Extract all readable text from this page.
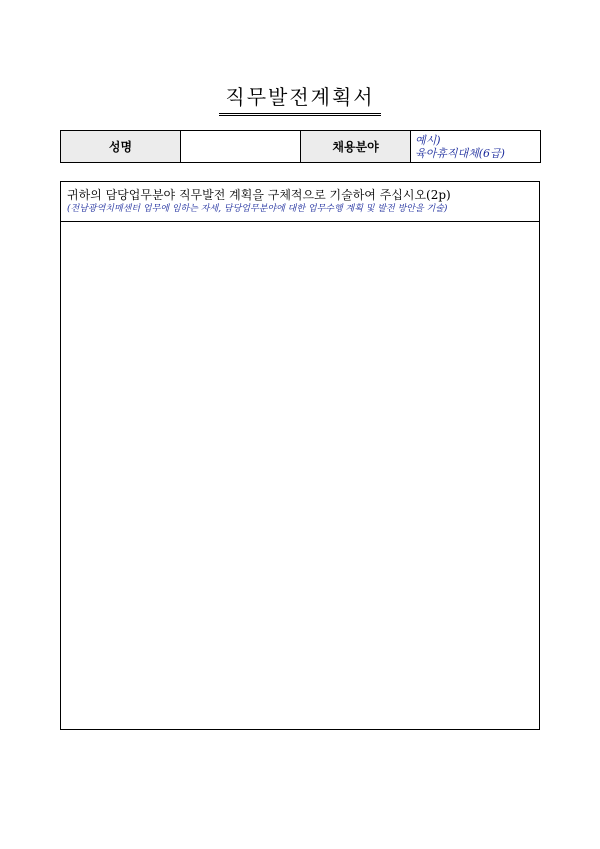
직무발전계획서
성명		채용분야	예시)
육아휴직대체(6급)
귀하의 담당업무분야 직무발전 계획을 구체적으로 기술하여 주십시오(2p)
(전남광역치매센터 업무에 임하는 자세, 담당업무분야에 대한 업무수행 계획 및 발전 방안을 기술)
